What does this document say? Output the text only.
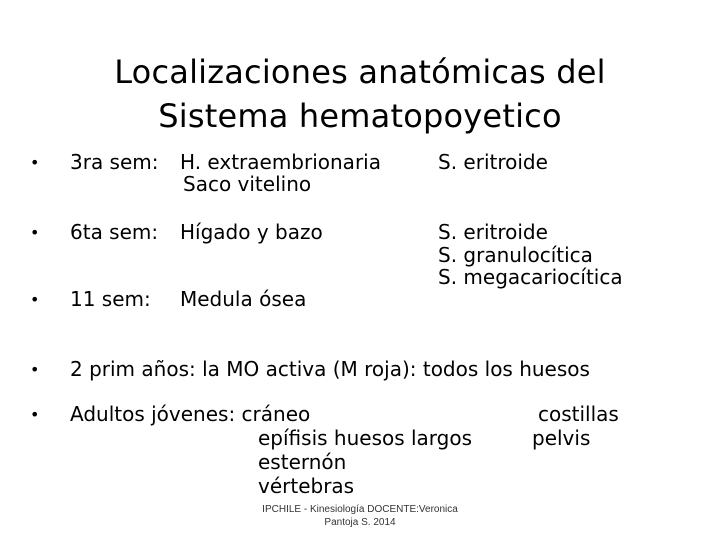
Localizaciones anatómicas del
Sistema hematopoyetico
• 3ra sem: H. extraembrionaria
Saco vitelino
S. eritroide
• 6ta sem: Hígado y bazo	S. eritroide
S. granulocítica
S. megacariocítica
• 11 sem: Medula ósea
• 2 prim años: la MO activa (M roja): todos los huesos
• Adultos jóvenes: cráneo
epífisis huesos largos
esternón
vértebras
costillas
pelvis
IPCHILE - Kinesiología DOCENTE:Veronica
Pantoja S. 2014
